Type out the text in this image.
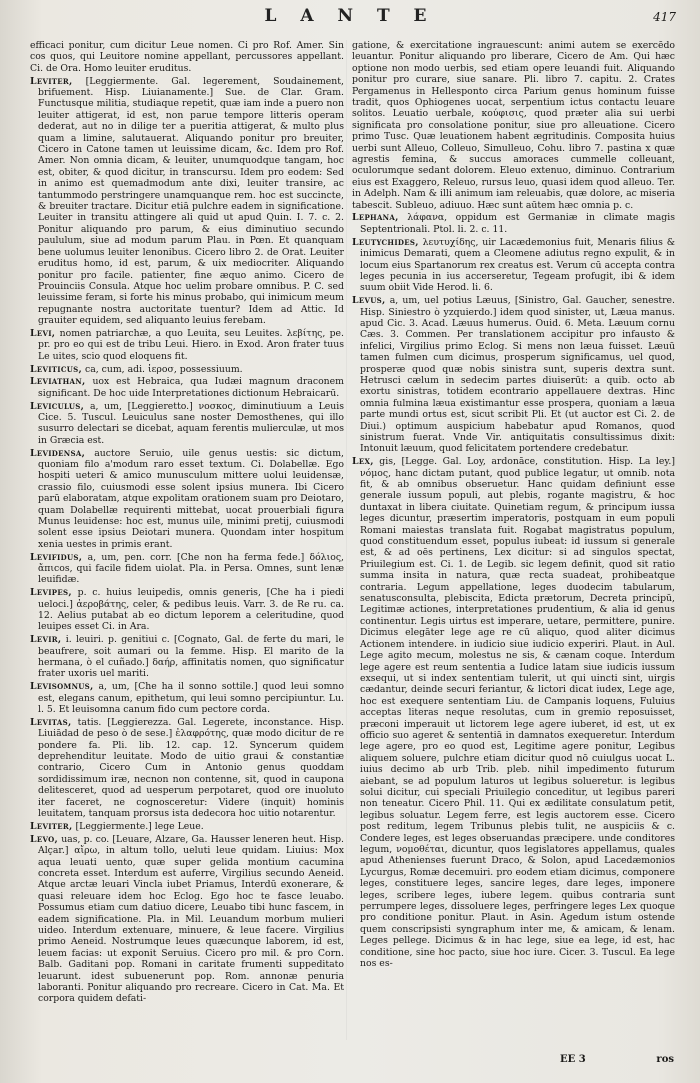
L A N T E	417

efficaci ponitur, cum dicitur Leue nomen. Ci pro Rof. Amer. Sin cos quos, qui Leuitore nomine appellant, percussores appellant. Ci. de Ora. Homo leuiter eruditus.

Leviter, [Leggiermente. Gal. legerement, Soudainement, brifuement. Hisp. Liuianamente.] Sue. de Clar. Gram. Functusque militia, studiaque repetit, quæ iam inde a puero non leuiter attigerat, id est, non parue tempore litteris operam dederat, aut no in dilige ter a pueritia attigerat, & multo plus quam a limine, salutauerat. Aliquando ponitur pro breuiter, Cicero in Catone tamen ut leuissime dicam, &c. Idem pro Rof. Amer. Non omnia dicam, & leuiter, unumquodque tangam, hoc est, obiter, & quod dicitur, in transcursu. Idem pro eodem: Sed in animo est quemadmodum ante dixi, leuiter transire, ac tantummodo perstringere unamquanque rem. hoc est succincte, & breuiter tractare. Dicitur etiā pulchre eadem in significatione. Leuiter in transitu attingere ali quid ut apud Quin. I. 7. c. 2. Ponitur aliquando pro parum, & eius diminutiuo secundo paululum, siue ad modum parum Plau. in Pœn. Et quanquam bene uolumus leuiter lenonibus. Cicero libro 2. de Orat. Leuiter eruditus homo, id est, parum, & uix mediocriter. Aliquando ponitur pro facile. patienter, fine æquo animo. Cicero de Prouinciis Consula. Atque hoc uelim probare omnibus. P. C. sed leuissime feram, si forte his minus probabo, qui inimicum meum repugnante nostra auctoritate tuentur? Idem ad Attic. Id grauiter equidem, sed aliquanto leuius ferebam.

Levi, nomen patriarchæ, a quo Leuita, seu Leuites. λεβίτης, pe. pr. pro eo qui est de tribu Leui. Hiero. in Exod. Aron frater tuus Le uites, scio quod eloquens fit.

Leviticus, ca, cum, adi. ἱεροσ, possessiuum.

Leviathan, uox est Hebraica, qua Iudæi magnum draconem significant. De hoc uide Interpretationes dictionum Hebraicarū.

Leviculus, a, um, [Leggieretto.] νοσκος, diminutiuum a Leuis Cice. 5. Tuscul. Leuiculus sane noster Demosthenes, qui illo susurro delectari se dicebat, aquam ferentis mulierculæ, ut mos in Græcia est.

Levidensa, auctore Seruio, uile genus uestis: sic dictum, quoniam filo a'modum raro esset textum. Ci. Dolabellæ. Ego hospiti ueteri & amico munusculum mittere uolui leuidensæ, crassio filo, cuiusmodi esse solent ipsius munera. Ibi Cicero parū elaboratam, atque expolitam orationem suam pro Deiotaro, quam Dolabellæ requirenti mittebat, uocat prouerbiali figura Munus leuidense: hoc est, munus uile, minimi pretij, cuiusmodi solent esse ipsius Deiotari munera. Quondam inter hospitum xenia uestes in primis erant.

Levifidus, a, um, pen. corr. [Che non ha ferma fede.] δόλιος, ἄπιcos, qui facile fidem uiolat. Pla. in Persa. Omnes, sunt lenæ leuifidæ.

Levipes, p. c. huius leuipedis, omnis generis, [Che ha i piedi ueloci.] ἀεροβάτης, celer, & pedibus leuis. Varr. 3. de Re ru. ca. 12. Aelius putabat ab eo dictum leporem a celeritudine, quod leuipes esset Ci. in Ara.

Levir, i. leuiri. p. genitiui c. [Cognato, Gal. de ferte du mari, le beaufrere, soit aumari ou la femme. Hisp. El marito de la hermana, ò el cuñado.] δαήρ, affinitatis nomen, quo significatur frater uxoris uel mariti.

Levisomnus, a, um, [Che ha il sonno sottile.] quod leui somno est, elegans canum, epithetum, qui leui somno percipiuntur. Lu. l. 5. Et leuisomna canum fido cum pectore corda.

Levitas, tatis. [Leggierezza. Gal. Legerete, inconstance. Hisp. Liuiādad de peso ò de sese.] ἐλαφρότης, quæ modo dicitur de re pondere fa. Pli. lib. 12. cap. 12. Syncerum quidem deprehenditur leuitate. Modo de uitio graui & constantiæ contrario, Cicero Cum in Antonio genus quoddam sordidissimum iræ, necnon non contenne, sit, quod in caupona delitesceret, quod ad uesperum perpotaret, quod ore inuoluto iter faceret, ne cognosceretur: Videre (inquit) hominis leuitatem, tanquam prorsus ista dedecora hoc uitio notarentur.

Leviter, [Leggiermente.] lege Leue.

Levo, uas, p. co. [Leuare, Alzare, Ga. Hausser leneren heut. Hisp. Alçar.] αἴρω, in altum tollo, ueluti leue quidam. Liuius: Mox aqua leuati uento, quæ super gelida montium cacumina concreta esset. Interdum est auferre, Virgilius secundo Aeneid. Atque arctæ leuari Vincla iubet Priamus, Interdū exonerare, & quasi releuare idem hoc Eclog. Ego hoc te fasce leuabo. Possumus etiam cum datiuo dicere, Leuabo tibi hunc fascem, in eadem significatione. Pla. in Mil. Leuandum morbum mulieri uideo. Interdum extenuare, minuere, & leue facere. Virgilius primo Aeneid. Nostrumque leues quæcunque laborem, id est, leuem facias: ut exponit Seruius. Cicero pro mil. & pro Corn. Balb. Gaditani pop. Romani in caritate frumenti suppeditato leuarunt. idest subuenerunt pop. Rom. annonæ penuria laboranti. Ponitur aliquando pro recreare. Cicero in Cat. Ma. Et corpora quidem defati-

gatione, & exercitatione ingrauescunt: animi autem se exercēdo leuantur. Ponitur aliquando pro liberare, Cicero de Am. Qui hæc optione non modo uerbis, sed etiam opere leuandi fuit. Aliquando ponitur pro curare, siue sanare. Pli. libro 7. capitu. 2. Crates Pergamenus in Hellesponto circa Parium genus hominum fuisse tradit, quos Ophiogenes uocat, serpentium ictus contactu leuare solitos. Leuatio uerbale, κούφισις, quod præter alia sui uerbi significata pro consolatione ponitur, siue pro alleuatione. Cicero primo Tusc. Quæ leuationem habent ægritudinis. Composita huius uerbi sunt Alleuo, Colleuo, Simulleuo, Cohu. libro 7. pastina x quæ agrestis femina, & succus amoraces cummelle colleuant, oculorumque sedant dolorem. Eleuo extenuo, diminuo. Contrarium eius est Exaggero, Releuo, rursus leuo, quasi idem quod alleuo. Ter. in Adelph. Nam & illi animum iam releuabis, quæ dolore, ac miseria tabescit. Subleuo, adiuuo. Hæc sunt aūtem hæc omnia p. c.

Lephana, λάφανα, oppidum est Germaniæ in climate magis Septentrionali. Ptol. li. 2. c. 11.

Leutychides, λευτυχίδης, uir Lacædemonius fuit, Menaris filius & inimicus Demarati, quem a Cleomene adiutus regno expulit, & in locum eius Spartanorum rex creatus est. Verum cū accepta contra leges pecunia in ius accerseretur, Tegeam profugit, ibi & idem suum obiit Vide Herod. li. 6.

Levus, a, um, uel potius Læuus, [Sinistro, Gal. Gaucher, senestre. Hisp. Siniestro ò yzquierdo.] idem quod sinister, ut, Læua manus. apud Cic. 3. Acad. Læuus humerus. Ouid. 6. Meta. Læuum cornu Cæs. 3. Commen. Per translationem accipitur pro infausto & infelici, Virgilius primo Eclog. Si mens non læua fuisset. Læuū tamen fulmen cum dicimus, prosperum significamus, uel quod, prosperæ quod quæ nobis sinistra sunt, superis dextra sunt. Hetrusci cælum in sedecim partes diuiserūt: a quib. octo ab exortu sinistras, totidem econtrario appellauere dextras. Hinc omnia fulmina læua existimantur esse prospera, quoniam a læua parte mundi ortus est, sicut scribit Pli. Et (ut auctor est Ci. 2. de Diui.) optimum auspicium habebatur apud Romanos, quod sinistrum fuerat. Vnde Vir. antiquitatis consultissimus dixit: Intonuit læuum, quod felicitatem portendere credebatur.

Lex, gis, [Legge. Gal. Loy, ardonāce, constitution. Hisp. La ley.] νόμος, hanc dictam putant, quod publice legatur, ut omnib. nota fit, & ab omnibus obseruetur. Hanc quidam definiunt esse generale iussum populi, aut plebis, rogante magistru, & hoc duntaxat in libera ciuitate. Quinetiam regum, & principum iussa leges dicuntur, præsertim imperatoris, postquam in eum populi Romani maiestas translata fuit. Rogabat magistratus populum, quod constituendum esset, populus iubeat: id iussum si generale est, & ad oēs pertinens, Lex dicitur: si ad singulos spectat, Priuilegium est. Ci. 1. de Legib. sic legem definit, quod sit ratio summa insita in natura, quæ recta suadeat, prohibeatque contraria. Legum appellatione, leges duodecim tabularum, senatusconsulta, plebiscita, Edicta prætorum, Decreta principū, Legitimæ actiones, interpretationes prudentium, & alia id genus continentur. Legis uirtus est imperare, uetare, permittere, punire. Dicimus elegāter lege age re cū aliquo, quod aliter dicimus Actionem intendere. in iudicio siue iudicio experiri. Plaut. in Aul. Lege agito mecum, molestus ne sis, & cænam coque. Interdum lege agere est reum sententia a Iudice latam siue iudicis iussum exsequi, ut si index sententiam tulerit, ut qui uincti sint, uirgis cædantur, deinde securi feriantur, & lictori dicat iudex, Lege age, hoc est exequere sententiam Liu. de Campanis loquens, Fuluius acceptas literas neque resolutas, cum in gremio reposuisset, præconi imperauit ut lictorem lege agere iuberet, id est, ut ex officio suo ageret & sententiā in damnatos exequeretur. Interdum lege agere, pro eo quod est, Legitime agere ponitur, Legibus aliquem soluere, pulchre etiam dicitur quod nō cuiulgus uocat L. iuius decimo ab urb Trib. pleb. nihil impedimento futurum aiebant, se ad populum laturos ut legibus solueretur. is legibus solui dicitur, cui speciali Priuilegio conceditur, ut legibus pareri non teneatur. Cicero Phil. 11. Qui ex ædilitate consulatum petit, legibus soluatur. Legem ferre, est legis auctorem esse. Cicero post reditum, legem Tribunus plebis tulit, ne auspiciis & c. Condere leges, est leges obseruandas præcipere. unde conditores legum, νομοθέται, dicuntur, quos legislatores appellamus, quales apud Athenienses fuerunt Draco, & Solon, apud Lacedæmonios Lycurgus, Romæ decemuiri. pro eodem etiam dicimus, componere leges, constituere leges, sancire leges, dare leges, imponere leges, scribere leges, iubere legem. quibus contraria sunt perrumpere leges, dissoluere leges, perfringere leges Lex quoque pro conditione ponitur. Plaut. in Asin. Agedum istum ostende quem conscripsisti syngraphum inter me, & amicam, & lenam. Leges pellege. Dicimus & in hac lege, siue ea lege, id est, hac conditione, sine hoc pacto, siue hoc iure. Cicer. 3. Tuscul. Ea lege nos es-

EE 3	ros
